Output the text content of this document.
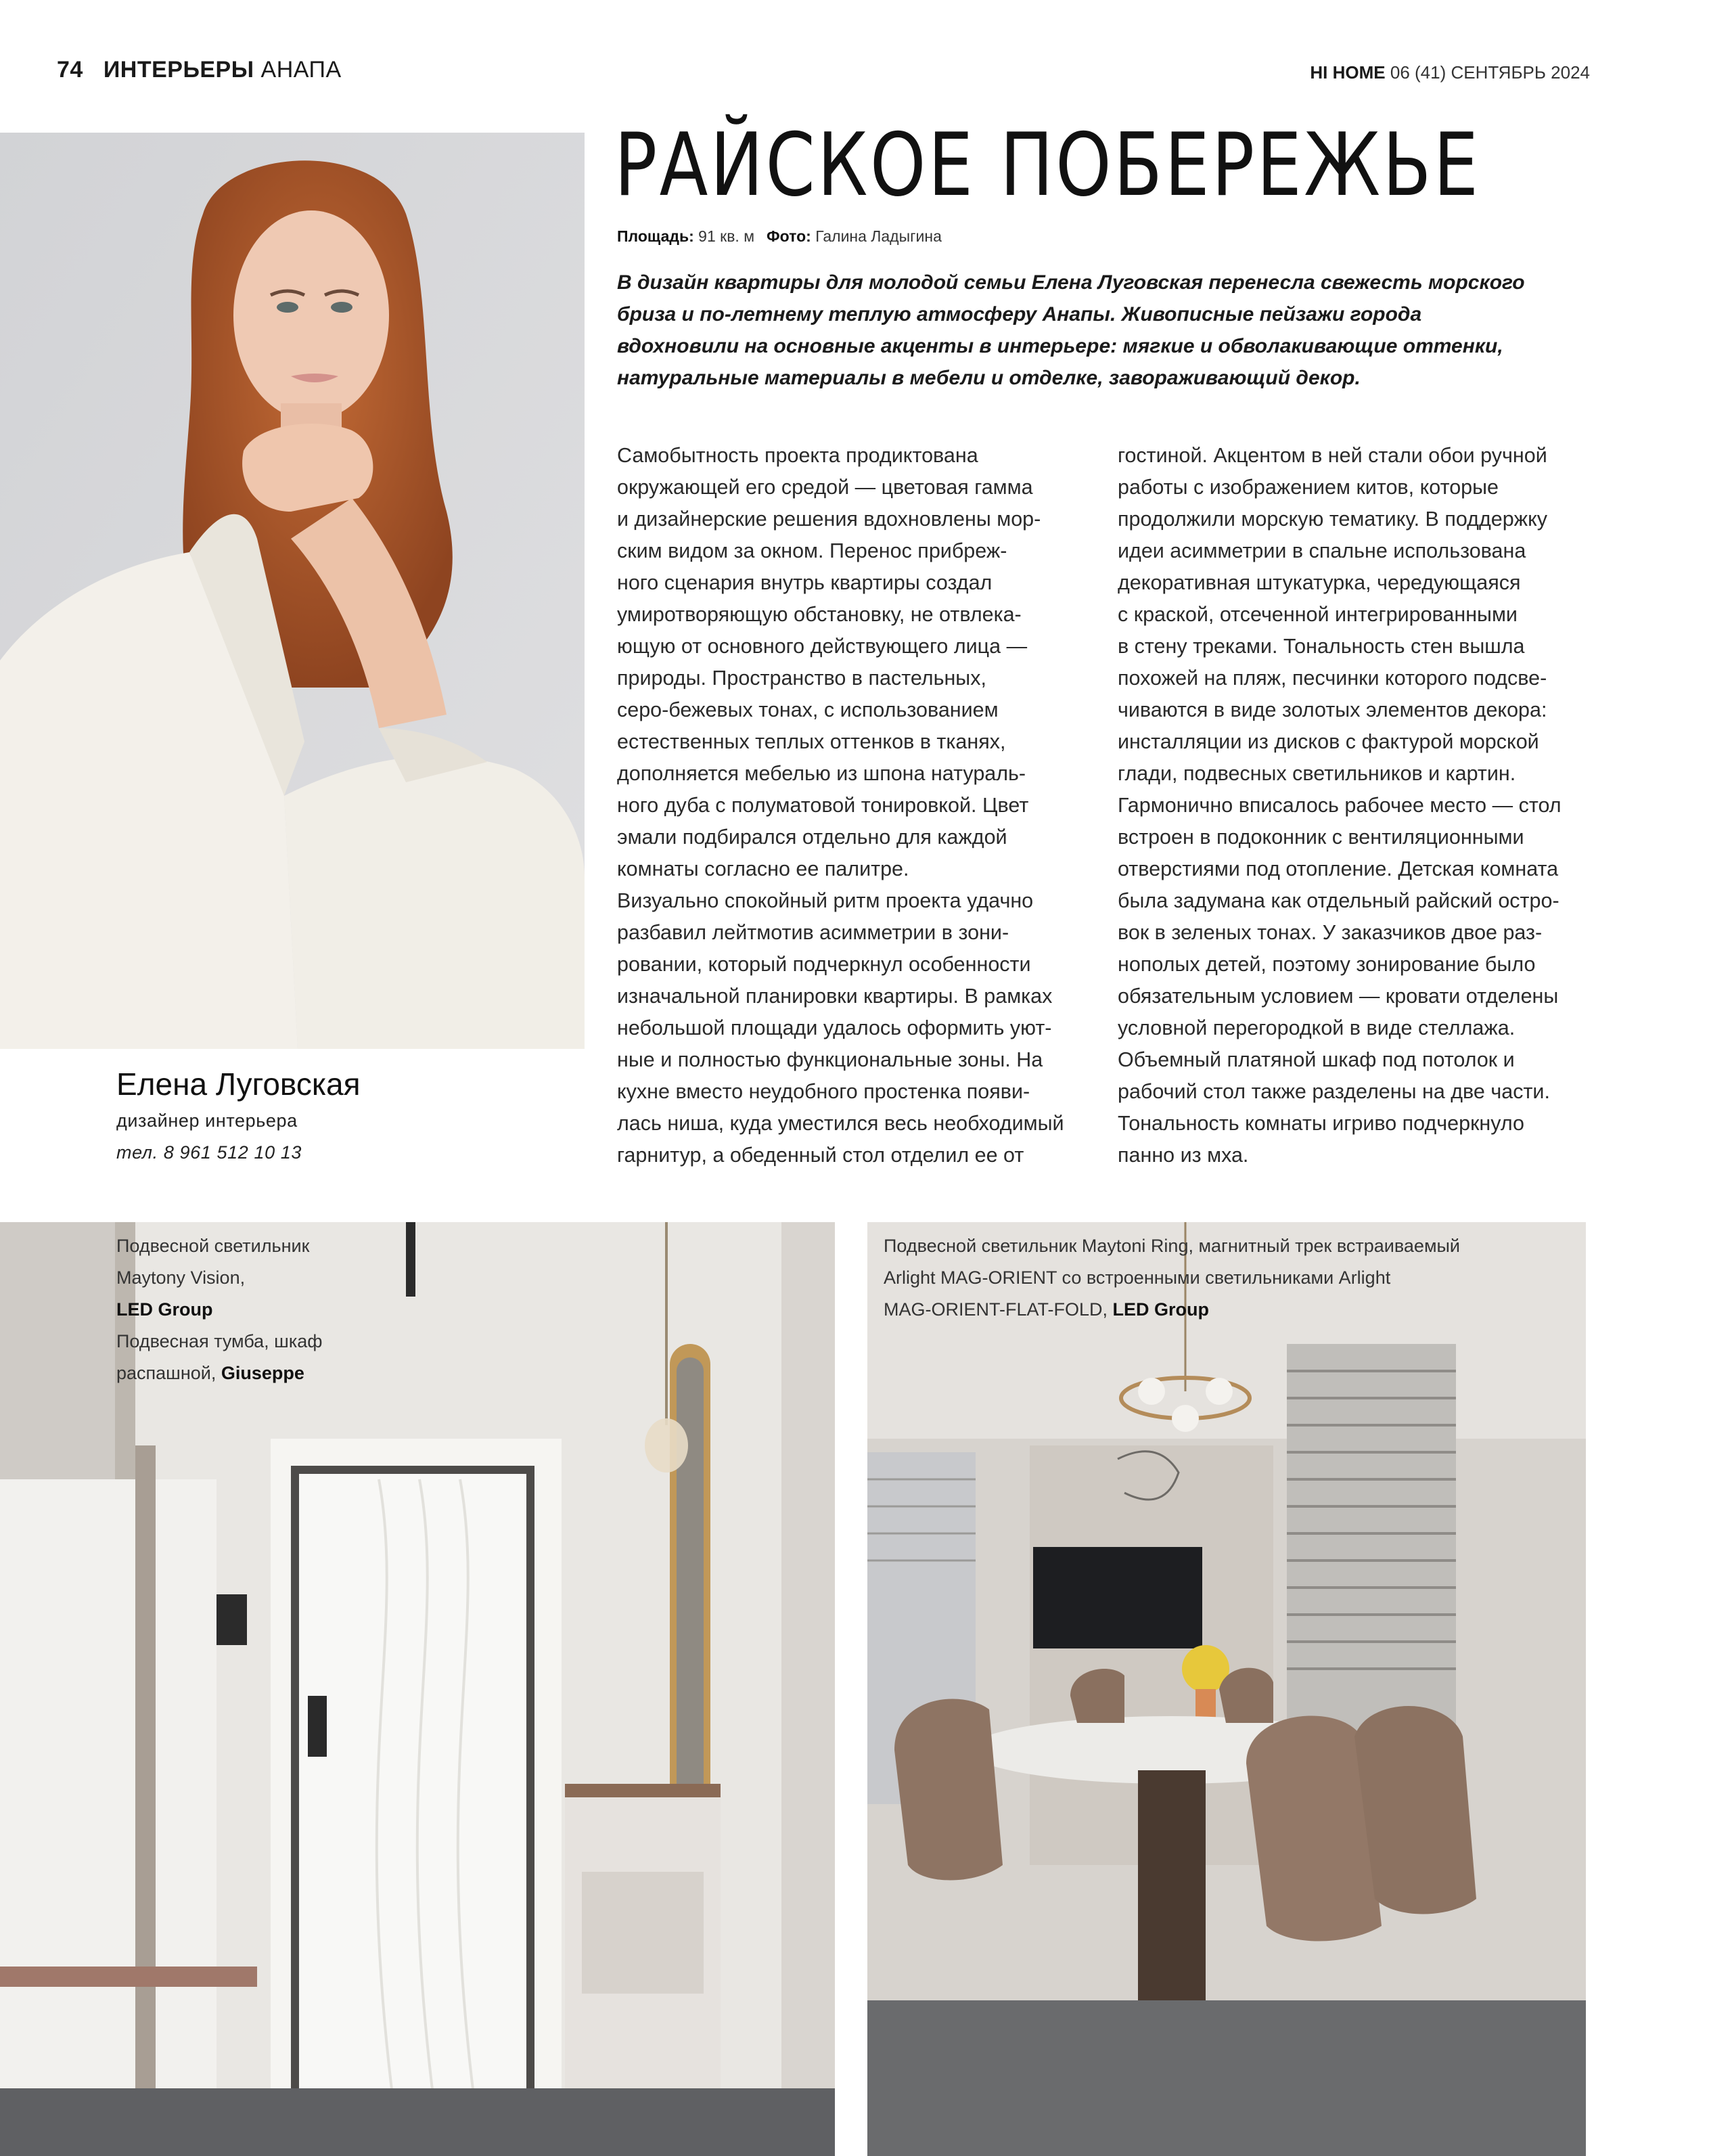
74 ИНТЕРЬЕРЫ АНАПА	HI HOME 06 (41) СЕНТЯБРЬ 2024
Елена Луговская
дизайнер интерьера
тел. 8 961 512 10 13
РАЙСКОЕ ПОБЕРЕЖЬЕ
Площадь: 91 кв. м Фото: Галина Ладыгина
В дизайн квартиры для молодой семьи Елена Луговская перенесла свежесть морского бриза и по-летнему теплую атмосферу Анапы. Живописные пейзажи города вдохновили на основные акценты в интерьере: мягкие и обволакивающие оттенки, натуральные материалы в мебели и отделке, завораживающий декор.
Самобытность проекта продиктована
окружающей его средой — цветовая гамма
и дизайнерские решения вдохновлены мор-
ским видом за окном. Перенос прибреж-
ного сценария внутрь квартиры создал
умиротворяющую обстановку, не отвлека-
ющую от основного действующего лица —
природы. Пространство в пастельных,
серо-бежевых тонах, с использованием
естественных теплых оттенков в тканях,
дополняется мебелью из шпона натураль-
ного дуба с полуматовой тонировкой. Цвет
эмали подбирался отдельно для каждой
комнаты согласно ее палитре.
Визуально спокойный ритм проекта удачно
разбавил лейтмотив асимметрии в зони-
ровании, который подчеркнул особенности
изначальной планировки квартиры. В рамках
небольшой площади удалось оформить уют-
ные и полностью функциональные зоны. На
кухне вместо неудобного простенка появи-
лась ниша, куда уместился весь необходимый
гарнитур, а обеденный стол отделил ее от
гостиной. Акцентом в ней стали обои ручной
работы с изображением китов, которые
продолжили морскую тематику. В поддержку
идеи асимметрии в спальне использована
декоративная штукатурка, чередующаяся
с краской, отсеченной интегрированными
в стену треками. Тональность стен вышла
похожей на пляж, песчинки которого подсве-
чиваются в виде золотых элементов декора:
инсталляции из дисков с фактурой морской
глади, подвесных светильников и картин.
Гармонично вписалось рабочее место — стол
встроен в подоконник с вентиляционными
отверстиями под отопление. Детская комната
была задумана как отдельный райский остро-
вок в зеленых тонах. У заказчиков двое раз-
нополых детей, поэтому зонирование было
обязательным условием — кровати отделены
условной перегородкой в виде стеллажа.
Объемный платяной шкаф под потолок и
рабочий стол также разделены на две части.
Тональность комнаты игриво подчеркнуло
панно из мха.
Подвесной светильник
Maytony Vision,
LED Group
Подвесная тумба, шкаф
распашной, Giuseppe
Подвесной светильник Maytoni Ring, магнитный трек встраиваемый
Arlight MAG-ORIENT со встроенными светильниками Arlight
MAG-ORIENT-FLAT-FOLD, LED Group
